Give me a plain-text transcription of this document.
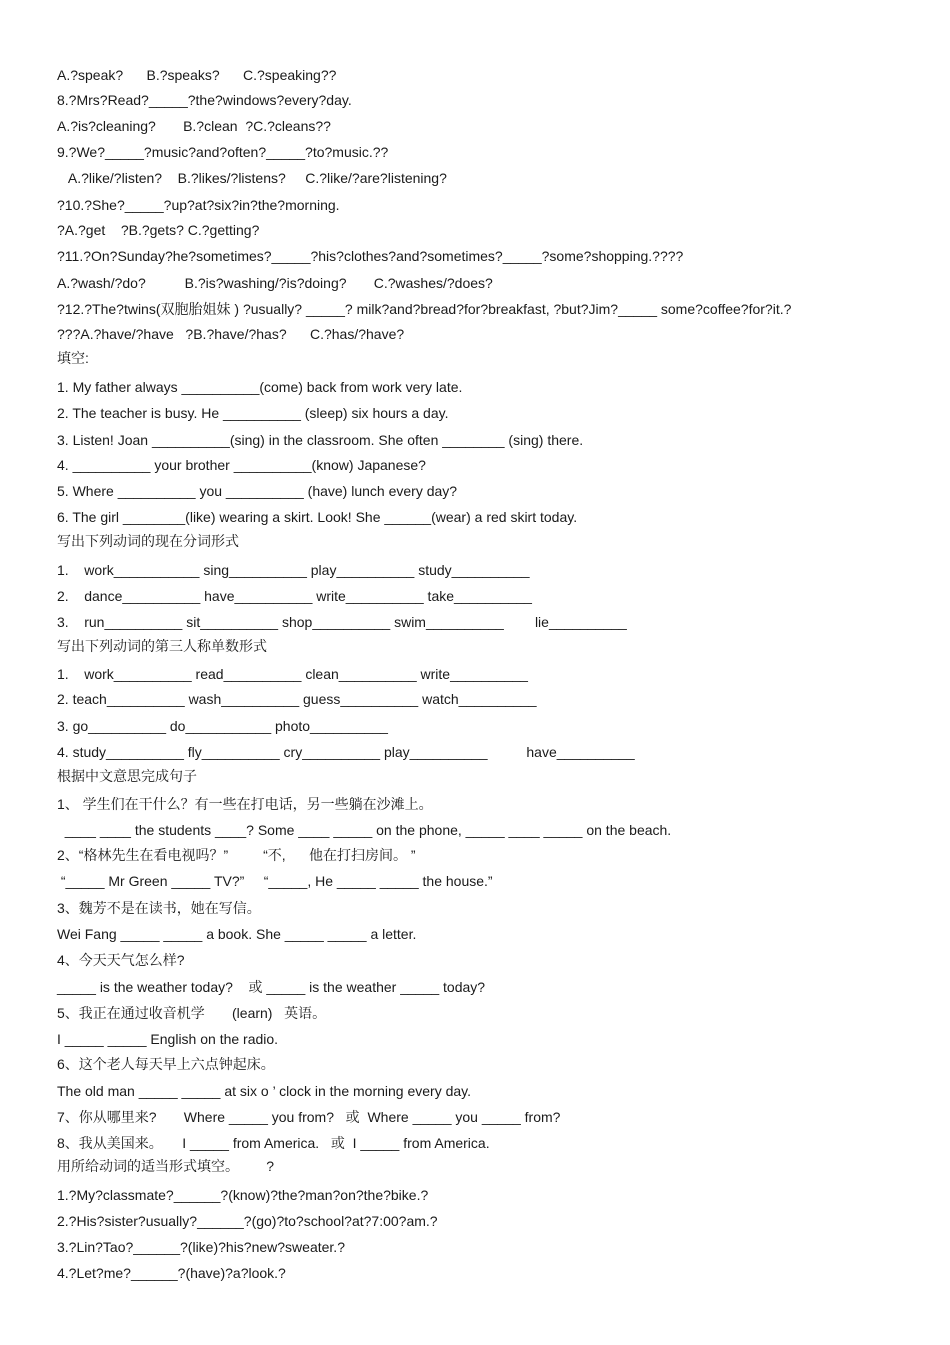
A.?speak?      B.?speaks?      C.?speaking??
8.?Mrs?Read?_____?the?windows?every?day.
A.?is?cleaning?       B.?clean  ?C.?cleans??
9.?We?_____?music?and?often?_____?to?music.??
A.?like/?listen?    B.?likes/?listens?     C.?like/?are?listening?
?10.?She?_____?up?at?six?in?the?morning.
?A.?get    ?B.?gets? C.?getting?
?11.?On?Sunday?he?sometimes?_____?his?clothes?and?sometimes?_____?some?shopping.????
A.?wash/?do?          B.?is?washing/?is?doing?       C.?washes/?does?
?12.?The?twins(双胞胎姐妹 ) ?usually? _____? milk?and?bread?for?breakfast, ?but?Jim?_____ some?coffee?for?it.?
???A.?have/?have   ?B.?have/?has?      C.?has/?have?
填空:
1. My father always __________(come) back from work very late.
2. The teacher is busy. He __________ (sleep) six hours a day.
3. Listen! Joan __________(sing) in the classroom. She often ________ (sing) there.
4. __________ your brother __________(know) Japanese?
5. Where __________ you __________ (have) lunch every day?
6. The girl ________(like) wearing a skirt. Look! She ______(wear) a red skirt today.
写出下列动词的现在分词形式
1.    work___________ sing__________ play__________ study__________
2.    dance__________ have__________ write__________ take__________
3.    run__________ sit__________ shop__________ swim__________        lie__________
写出下列动词的第三人称单数形式
1.    work__________ read__________ clean__________ write__________
2. teach__________ wash__________ guess__________ watch__________
3. go__________ do___________ photo__________
4. study__________ fly__________ cry__________ play__________          have__________
根据中文意思完成句子
1、 学生们在干什么？有一些在打电话，另一些躺在沙滩上。
____ ____ the students ____? Some ____ _____ on the phone, _____ ____ _____ on the beach.
2、“格林先生在看电视吗？”         “不,      他在打扫房间。 ”
“_____ Mr Green _____ TV?”     “_____, He _____ _____ the house.”
3、魏芳不是在读书，她在写信。
Wei Fang _____ _____ a book. She _____ _____ a letter.
4、今天天气怎么样?
_____ is the weather today?    或 _____ is the weather _____ today?
5、我正在通过收音机学       (learn)   英语。
I _____ _____ English on the radio.
6、这个老人每天早上六点钟起床。
The old man _____ _____ at six o ’ clock in the morning every day.
7、你从哪里来?       Where _____ you from?   或  Where _____ you _____ from?
8、我从美国来。     I _____ from America.   或  I _____ from America.
用所给动词的适当形式填空。       ?
1.?My?classmate?______?(know)?the?man?on?the?bike.?
2.?His?sister?usually?______?(go)?to?school?at?7:00?am.?
3.?Lin?Tao?______?(like)?his?new?sweater.?
4.?Let?me?______?(have)?a?look.?
